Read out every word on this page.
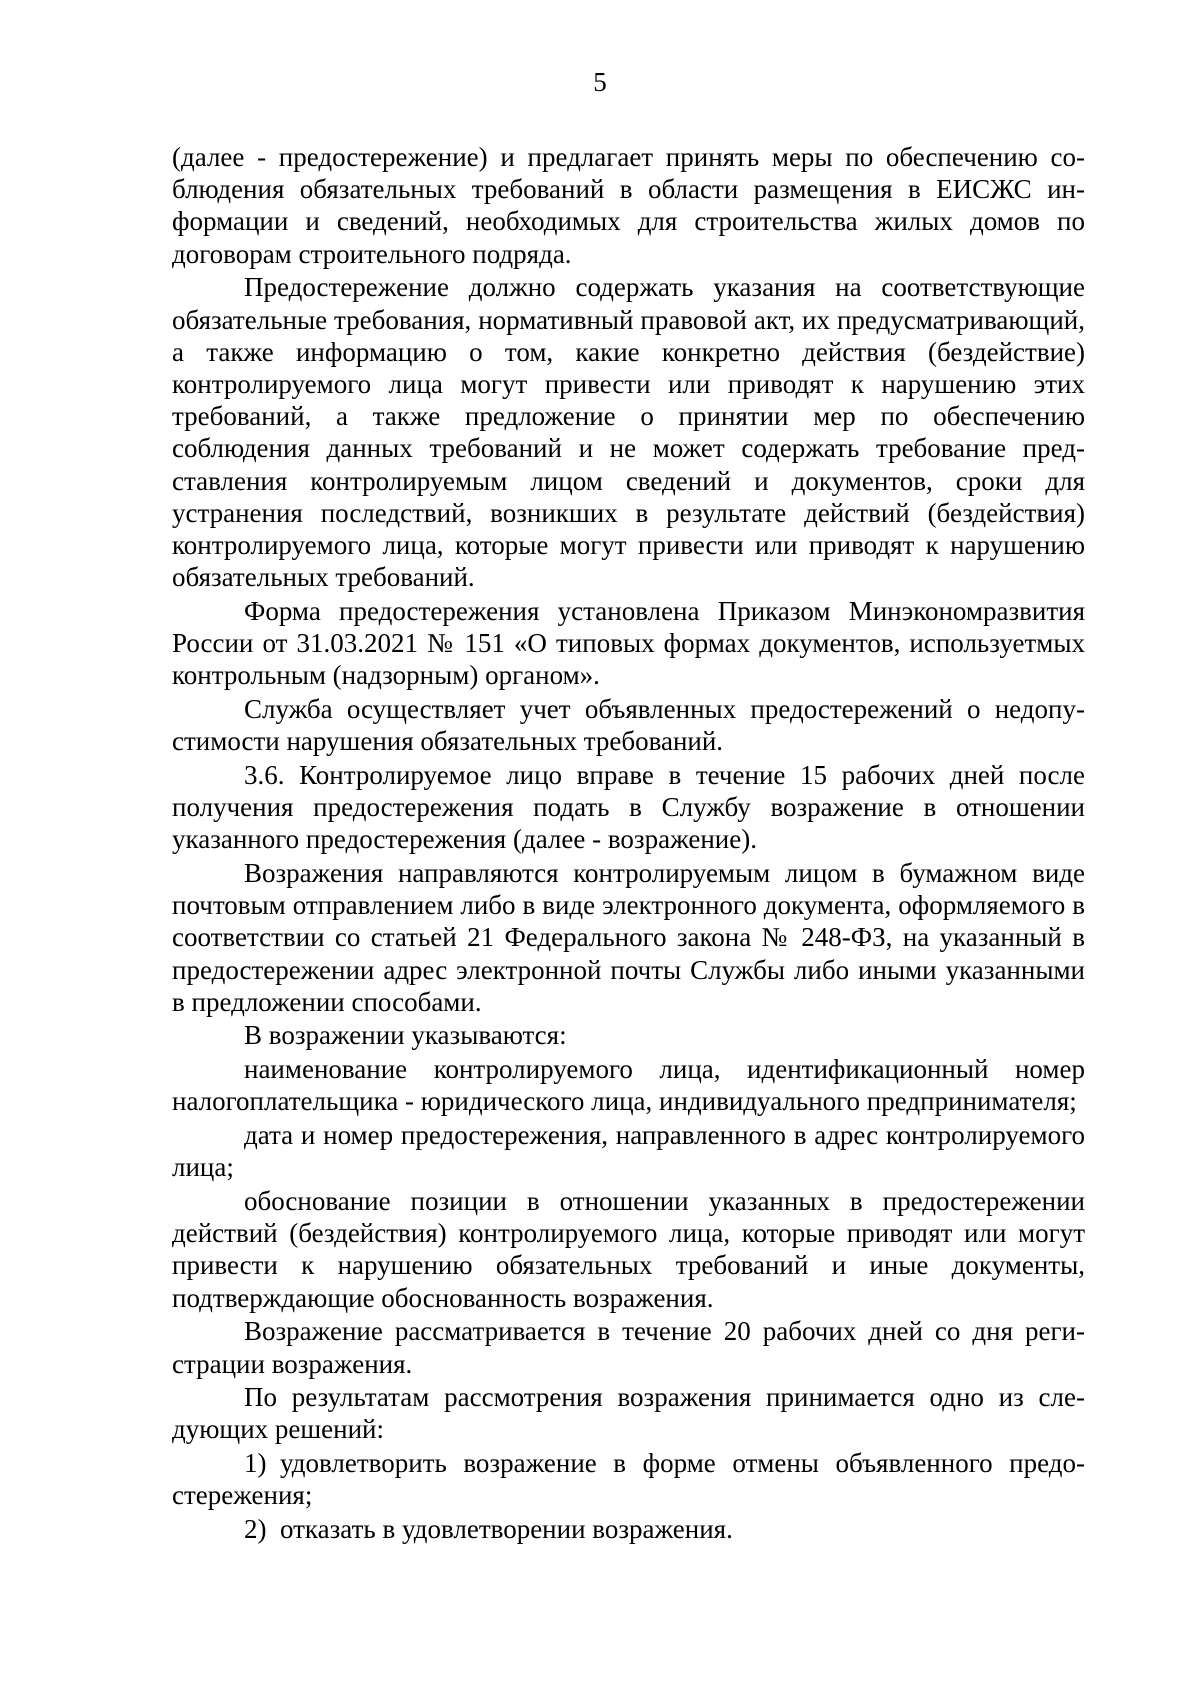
5

(далее - предостережение) и предлагает принять меры по обеспечению соблюдения обязательных требований в области размещения в ЕИСЖС информации и сведений, необходимых для строительства жилых домов по договорам строительного подряда.

Предостережение должно содержать указания на соответствующие обязательные требования, нормативный правовой акт, их предусматривающий, а также информацию о том, какие конкретно действия (бездействие) контролируемого лица могут привести или приводят к нарушению этих требований, а также предложение о принятии мер по обеспечению соблюдения данных требований и не может содержать требование представления контролируемым лицом сведений и документов, сроки для устранения последствий, возникших в результате действий (бездействия) контролируемого лица, которые могут привести или приводят к нарушению обязательных требований.

Форма предостережения установлена Приказом Минэкономразвития России от 31.03.2021 № 151 «О типовых формах документов, используетмых контрольным (надзорным) органом».

Служба осуществляет учет объявленных предостережений о недопустимости нарушения обязательных требований.

3.6. Контролируемое лицо вправе в течение 15 рабочих дней после получения предостережения подать в Службу возражение в отношении указанного предостережения (далее - возражение).

Возражения направляются контролируемым лицом в бумажном виде почтовым отправлением либо в виде электронного документа, оформляемого в соответствии со статьей 21 Федерального закона № 248-ФЗ, на указанный в предостережении адрес электронной почты Службы либо иными указанными в предложении способами.

В возражении указываются:

наименование контролируемого лица, идентификационный номер налогоплательщика - юридического лица, индивидуального предпринимателя;

дата и номер предостережения, направленного в адрес контролируемого лица;

обоснование позиции в отношении указанных в предостережении действий (бездействия) контролируемого лица, которые приводят или могут привести к нарушению обязательных требований и иные документы, подтверждающие обоснованность возражения.

Возражение рассматривается в течение 20 рабочих дней со дня регистрации возражения.

По результатам рассмотрения возражения принимается одно из следующих решений:

1) удовлетворить возражение в форме отмены объявленного предостережения;

2) отказать в удовлетворении возражения.
